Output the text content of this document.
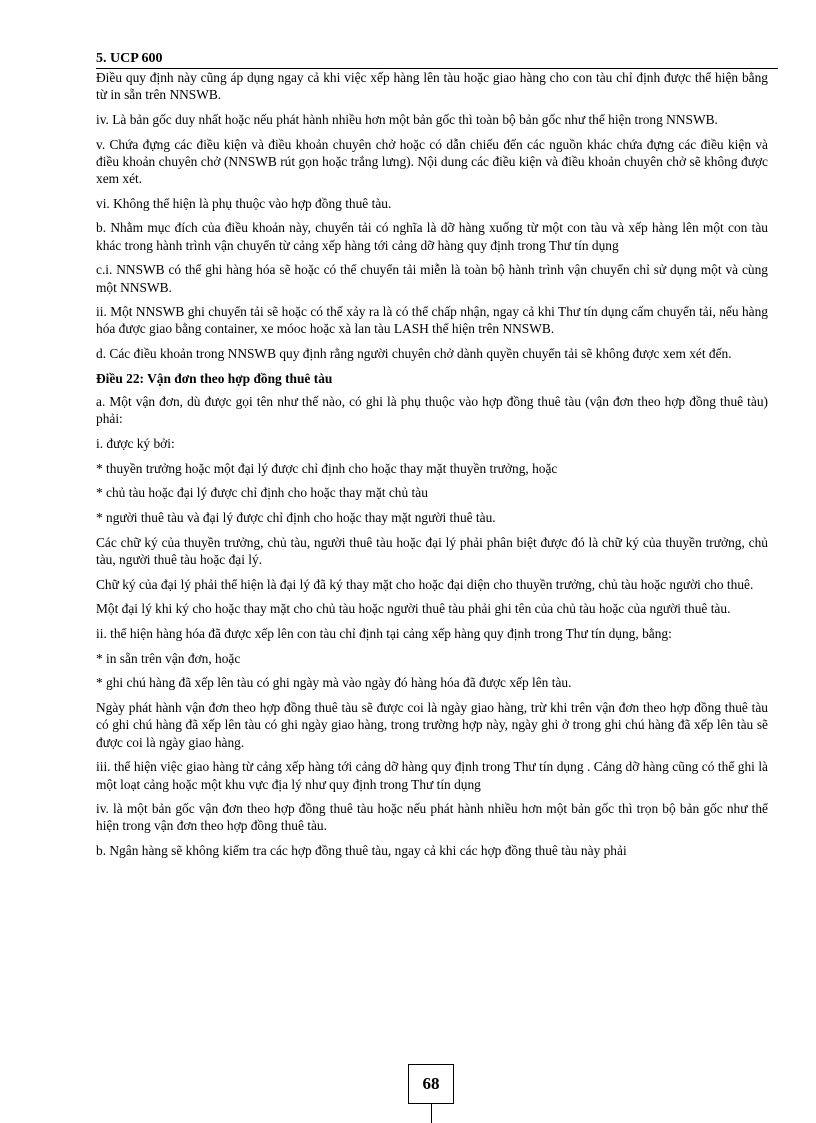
5. UCP 600

Điều quy định này cũng áp dụng ngay cả khi việc xếp hàng lên tàu hoặc giao hàng cho con tàu chỉ định được thể hiện bằng từ in sẵn trên NNSWB.

iv. Là bản gốc duy nhất hoặc nếu phát hành nhiều hơn một bản gốc thì toàn bộ bản gốc như thể hiện trong NNSWB.

v. Chứa đựng các điều kiện và điều khoản chuyên chở hoặc có dẫn chiếu đến các nguồn khác chứa đựng các điều kiện và điều khoản chuyên chở (NNSWB rút gọn hoặc trắng lưng). Nội dung các điều kiện và điều khoản chuyên chở sẽ không được xem xét.

vi. Không thể hiện là phụ thuộc vào hợp đồng thuê tàu.

b. Nhằm mục đích của điều khoản này, chuyển tải có nghĩa là dỡ hàng xuống từ một con tàu và xếp hàng lên một con tàu khác trong hành trình vận chuyển từ cảng xếp hàng tới cảng dỡ hàng quy định trong Thư tín dụng

c.i. NNSWB có thể ghi hàng hóa sẽ hoặc có thể chuyển tải miễn là toàn bộ hành trình vận chuyển chỉ sử dụng một và cùng một NNSWB.

ii. Một NNSWB ghi chuyển tải sẽ hoặc có thể xảy ra là có thể chấp nhận, ngay cả khi Thư tín dụng cấm chuyển tải, nếu hàng hóa được giao bằng container, xe móoc hoặc xà lan tàu LASH thể hiện trên NNSWB.

d. Các điều khoản trong NNSWB quy định rằng người chuyên chở dành quyền chuyển tải sẽ không được xem xét đến.

Điều 22: Vận đơn theo hợp đồng thuê tàu

a. Một vận đơn, dù được gọi tên như thế nào, có ghi là phụ thuộc vào hợp đồng thuê tàu (vận đơn theo hợp đồng thuê tàu) phải:

i. được ký bởi:

* thuyền trưởng hoặc một đại lý được chỉ định cho hoặc thay mặt thuyền trưởng, hoặc

* chủ tàu hoặc đại lý được chỉ định cho hoặc thay mặt chủ tàu

* người thuê tàu và đại lý được chỉ định cho hoặc thay mặt người thuê tàu.

Các chữ ký của thuyền trưởng, chủ tàu, người thuê tàu hoặc đại lý phải phân biệt được đó là chữ ký của thuyền trưởng, chủ tàu, người thuê tàu hoặc đại lý.

Chữ ký của đại lý phải thể hiện là đại lý đã ký thay mặt cho hoặc đại diện cho thuyền trưởng, chủ tàu hoặc người cho thuê.

Một đại lý khi ký cho hoặc thay mặt cho chủ tàu hoặc người thuê tàu phải ghi tên của chủ tàu hoặc của người thuê tàu.

ii. thể hiện hàng hóa đã được xếp lên con tàu chỉ định tại cảng xếp hàng quy định trong Thư tín dụng, bằng:

* in sẵn trên vận đơn, hoặc

* ghi chú hàng đã xếp lên tàu có ghi ngày mà vào ngày đó hàng hóa đã được xếp lên tàu.

Ngày phát hành vận đơn theo hợp đồng thuê tàu sẽ được coi là ngày giao hàng, trừ khi trên vận đơn theo hợp đồng thuê tàu có ghi chú hàng đã xếp lên tàu có ghi ngày giao hàng, trong trường hợp này, ngày ghi ở trong ghi chú hàng đã xếp lên tàu sẽ được coi là ngày giao hàng.

iii. thể hiện việc giao hàng từ cảng xếp hàng tới cảng dỡ hàng quy định trong Thư tín dụng . Cảng dỡ hàng cũng có thể ghi là một loạt cảng hoặc một khu vực địa lý như quy định trong Thư tín dụng

iv. là một bản gốc vận đơn theo hợp đồng thuê tàu hoặc nếu phát hành nhiều hơn một bản gốc thì trọn bộ bản gốc như thể hiện trong vận đơn theo hợp đồng thuê tàu.

b. Ngân hàng sẽ không kiểm tra các hợp đồng thuê tàu, ngay cả khi các hợp đồng thuê tàu này phải

68
